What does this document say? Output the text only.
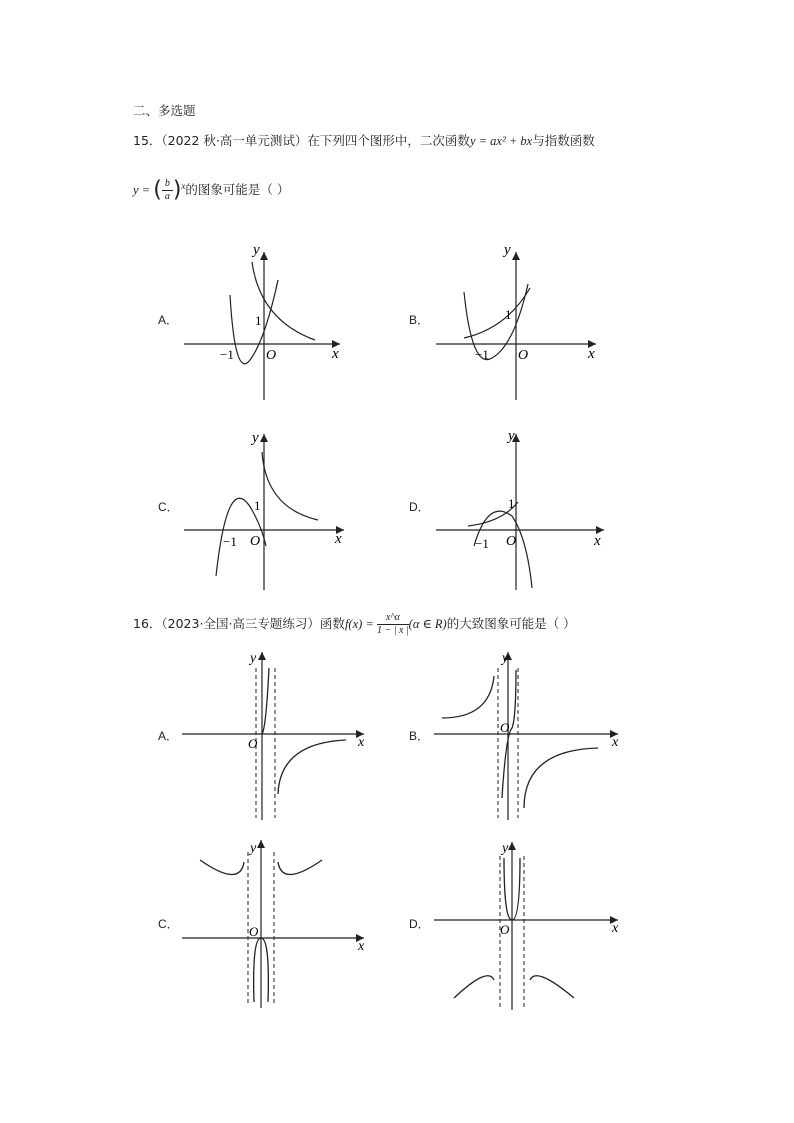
二、多选题
15．（2022 秋·高一单元测试）在下列四个图形中，二次函数y = ax² + bx与指数函数
y = ( $\frac{b}{a} )^x$的图象可能是（ ）
A．	B．
C．	D．
y
x
O
1
−1
y
x
O
1
−1
y
x
O
1
−1
y
x
O
1
−1
16．（2023·全国·高三专题练习）函数$f(x) = \frac{x\^{}\alpha}{1 - | x |} (\alpha$ ∈ R)的大致图象可能是（ ）
A．	B．
C．	D．
y
x
O
y
x
O
y
x
O
y
x
O
